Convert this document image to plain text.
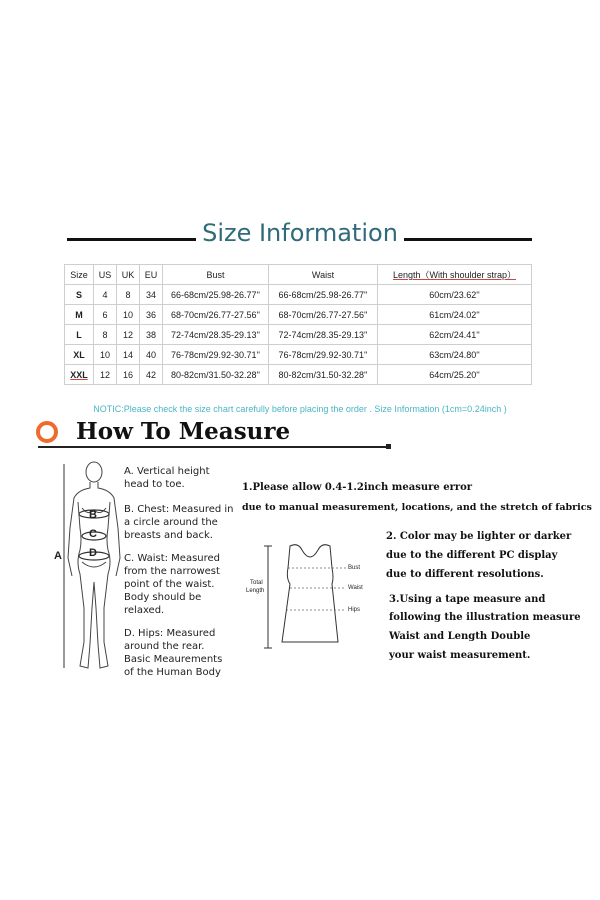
Size Information
Size	US	UK	EU	Bust	Waist	Length（With shoulder strap）
S	4	8	34	66-68cm/25.98-26.77''	66-68cm/25.98-26.77''	60cm/23.62''
M	6	10	36	68-70cm/26.77-27.56''	68-70cm/26.77-27.56''	61cm/24.02''
L	8	12	38	72-74cm/28.35-29.13''	72-74cm/28.35-29.13''	62cm/24.41''
XL	10	14	40	76-78cm/29.92-30.71''	76-78cm/29.92-30.71''	63cm/24.80''
XXL	12	16	42	80-82cm/31.50-32.28''	80-82cm/31.50-32.28''	64cm/25.20''
NOTIC:Please check the size chart carefully before placing the order . Size Information (1cm=0.24inch )
How To Measure
A
B
C
D
A. Vertical height head to toe.
B. Chest: Measured in a circle around the breasts and back.
C. Waist: Measured from the narrowest point of the waist. Body should be relaxed.
D. Hips: Measured around the rear. Basic Meaurements of the Human Body
1.Please allow 0.4-1.2inch measure error
due to manual measurement, locations, and the stretch of fabrics
2. Color may be lighter or darker
due to the different PC display
due to different resolutions.
3.Using a tape measure and
following the illustration measure
Waist and Length Double
your waist measurement.
Bust
Waist
Hips
Total
Length
